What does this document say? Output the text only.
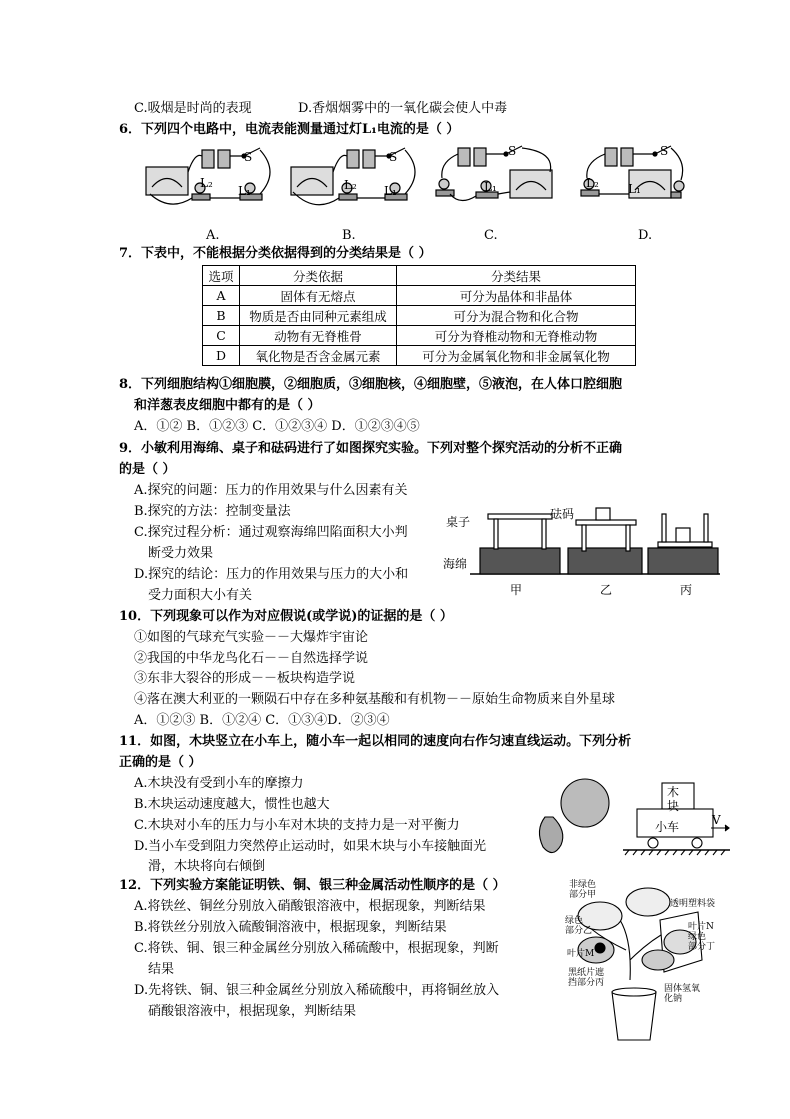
C.吸烟是时尚的表现	D.香烟烟雾中的一氧化碳会使人中毒
6．下列四个电路中，电流表能测量通过灯L₁电流的是（ ）
S	S	S	S
L₂
L₁	L₂ L₁	L₁	L₂ L₁
A.	B.	C.	D.
7．下表中，不能根据分类依据得到的分类结果是（ ）
选项	分类依据	分类结果
A	固体有无熔点	可分为晶体和非晶体
B	物质是否由同种元素组成	可分为混合物和化合物
C	动物有无脊椎骨	可分为脊椎动物和无脊椎动物
D	氧化物是否含金属元素	可分为金属氧化物和非金属氧化物
8．下列细胞结构①细胞膜，②细胞质，③细胞核，④细胞壁，⑤液泡，在人体口腔细胞
和洋葱表皮细胞中都有的是（ ）
A．①② B．①②③ C．①②③④ D．①②③④⑤
9．小敏利用海绵、桌子和砝码进行了如图探究实验。下列对整个探究活动的分析不正确
的是（ ）
A.探究的问题：压力的作用效果与什么因素有关
B.探究的方法：控制变量法
C.探究过程分析：通过观察海绵凹陷面积大小判
断受力效果
D.探究的结论：压力的作用效果与压力的大小和
受力面积大小有关
桌子
砝码
海绵
甲	乙	丙
10．下列现象可以作为对应假说(或学说)的证据的是（ ）
①如图的气球充气实验－－大爆炸宇宙论
②我国的中华龙鸟化石－－自然选择学说
③东非大裂谷的形成－－板块构造学说
④落在澳大利亚的一颗陨石中存在多种氨基酸和有机物－－原始生命物质来自外星球
A．①②③ B．①②④ C．①③④D．②③④
11．如图，木块竖立在小车上，随小车一起以相同的速度向右作匀速直线运动。下列分析
正确的是（ ）
A.木块没有受到小车的摩擦力
B.木块运动速度越大，惯性也越大
C.木块对小车的压力与小车对木块的支持力是一对平衡力
D.当小车受到阻力突然停止运动时，如果木块与小车接触面光
滑，木块将向右倾倒
木
块
小车	V
12．下列实验方案能证明铁、铜、银三种金属活动性顺序的是（ ）
A.将铁丝、铜丝分别放入硝酸银溶液中，根据现象，判断结果
B.将铁丝分别放入硫酸铜溶液中，根据现象，判断结果
C.将铁、铜、银三种金属丝分别放入稀硫酸中，根据现象，判断
结果
D.先将铁、铜、银三种金属丝分别放入稀硫酸中，再将铜丝放入
硝酸银溶液中，根据现象，判断结果
非绿色
部分甲
绿色
部分乙
叶片M
透明塑料袋
叶片N
绿色
部分丁
黑纸片遮
挡部分丙
固体氢氧
化钠
